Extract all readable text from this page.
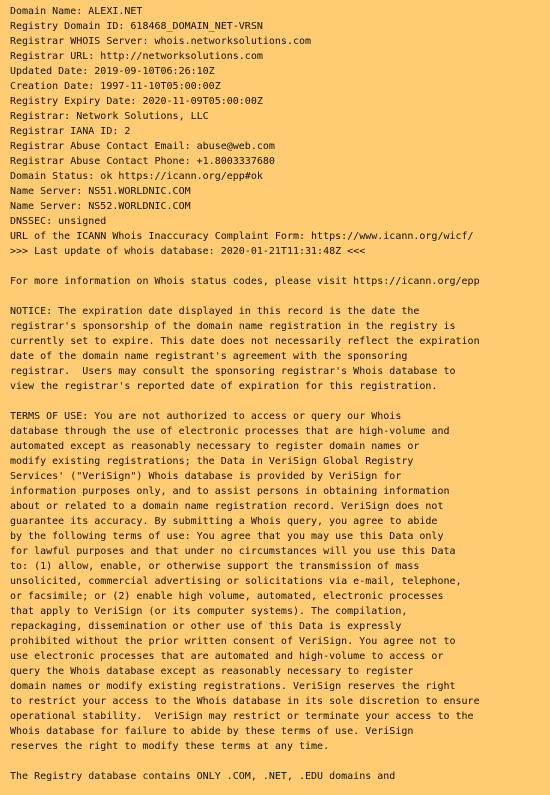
Domain Name: ALEXI.NET
Registry Domain ID: 618468_DOMAIN_NET-VRSN
Registrar WHOIS Server: whois.networksolutions.com
Registrar URL: http://networksolutions.com
Updated Date: 2019-09-10T06:26:10Z
Creation Date: 1997-11-10T05:00:00Z
Registry Expiry Date: 2020-11-09T05:00:00Z
Registrar: Network Solutions, LLC
Registrar IANA ID: 2
Registrar Abuse Contact Email: abuse@web.com
Registrar Abuse Contact Phone: +1.8003337680
Domain Status: ok https://icann.org/epp#ok
Name Server: NS51.WORLDNIC.COM
Name Server: NS52.WORLDNIC.COM
DNSSEC: unsigned
URL of the ICANN Whois Inaccuracy Complaint Form: https://www.icann.org/wicf/
>>> Last update of whois database: 2020-01-21T11:31:48Z <<<
For more information on Whois status codes, please visit https://icann.org/epp
NOTICE: The expiration date displayed in this record is the date the
registrar's sponsorship of the domain name registration in the registry is
currently set to expire. This date does not necessarily reflect the expiration
date of the domain name registrant's agreement with the sponsoring
registrar.  Users may consult the sponsoring registrar's Whois database to
view the registrar's reported date of expiration for this registration.
TERMS OF USE: You are not authorized to access or query our Whois
database through the use of electronic processes that are high-volume and
automated except as reasonably necessary to register domain names or
modify existing registrations; the Data in VeriSign Global Registry
Services' ("VeriSign") Whois database is provided by VeriSign for
information purposes only, and to assist persons in obtaining information
about or related to a domain name registration record. VeriSign does not
guarantee its accuracy. By submitting a Whois query, you agree to abide
by the following terms of use: You agree that you may use this Data only
for lawful purposes and that under no circumstances will you use this Data
to: (1) allow, enable, or otherwise support the transmission of mass
unsolicited, commercial advertising or solicitations via e-mail, telephone,
or facsimile; or (2) enable high volume, automated, electronic processes
that apply to VeriSign (or its computer systems). The compilation,
repackaging, dissemination or other use of this Data is expressly
prohibited without the prior written consent of VeriSign. You agree not to
use electronic processes that are automated and high-volume to access or
query the Whois database except as reasonably necessary to register
domain names or modify existing registrations. VeriSign reserves the right
to restrict your access to the Whois database in its sole discretion to ensure
operational stability.  VeriSign may restrict or terminate your access to the
Whois database for failure to abide by these terms of use. VeriSign
reserves the right to modify these terms at any time.
The Registry database contains ONLY .COM, .NET, .EDU domains and
